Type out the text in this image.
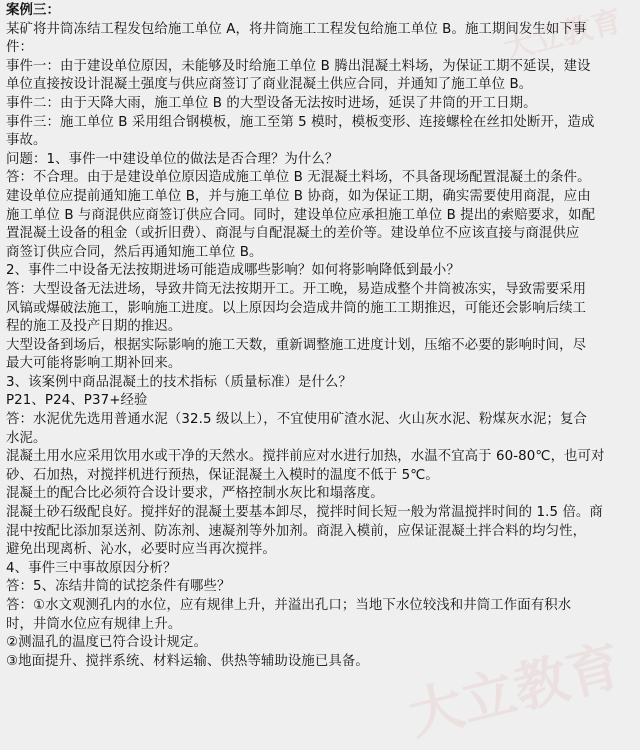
案例三：
某矿将井筒冻结工程发包给施工单位 A，将井筒施工工程发包给施工单位 B。施工期间发生如下事
件：
事件一：由于建设单位原因，未能够及时给施工单位 B 腾出混凝土料场，为保证工期不延误，建设
单位直接按设计混凝土强度与供应商签订了商业混凝土供应合同，并通知了施工单位 B。
事件二：由于天降大雨，施工单位 B 的大型设备无法按时进场，延误了井筒的开工日期。
事件三：施工单位 B 采用组合钢模板，施工至第 5 模时，模板变形、连接螺栓在丝扣处断开，造成
事故。
问题：1、事件一中建设单位的做法是否合理？为什么？
答：不合理。由于是建设单位原因造成施工单位 B 无混凝土料场，不具备现场配置混凝土的条件。
建设单位应提前通知施工单位 B，并与施工单位 B 协商，如为保证工期，确实需要使用商混，应由
施工单位 B 与商混供应商签订供应合同。同时，建设单位应承担施工单位 B 提出的索赔要求，如配
置混凝土设备的租金（或折旧费）、商混与自配混凝土的差价等。建设单位不应该直接与商混供应
商签订供应合同，然后再通知施工单位 B。
2、事件二中设备无法按期进场可能造成哪些影响？如何将影响降低到最小？
答：大型设备无法进场，导致井筒无法按期开工。开工晚，易造成整个井筒被冻实，导致需要采用
风镐或爆破法施工，影响施工进度。以上原因均会造成井筒的施工工期推迟，可能还会影响后续工
程的施工及投产日期的推迟。
大型设备到场后，根据实际影响的施工天数，重新调整施工进度计划，压缩不必要的影响时间，尽
最大可能将影响工期补回来。
3、该案例中商品混凝土的技术指标（质量标准）是什么？
P21、P24、P37+经验
答：水泥优先选用普通水泥（32.5 级以上），不宜使用矿渣水泥、火山灰水泥、粉煤灰水泥；复合
水泥。
混凝土用水应采用饮用水或干净的天然水。搅拌前应对水进行加热，水温不宜高于 60-80℃，也可对
砂、石加热，对搅拌机进行预热，保证混凝土入模时的温度不低于 5℃。
混凝土的配合比必须符合设计要求，严格控制水灰比和塌落度。
混凝土砂石级配良好。搅拌好的混凝土要基本卸尽，搅拌时间长短一般为常温搅拌时间的 1.5 倍。商
混中按配比添加泵送剂、防冻剂、速凝剂等外加剂。商混入模前，应保证混凝土拌合料的均匀性，
避免出现离析、沁水，必要时应当再次搅拌。
4、事件三中事故原因分析？
答：5、冻结井筒的试挖条件有哪些？
答：①水文观测孔内的水位，应有规律上升，并溢出孔口；当地下水位较浅和井筒工作面有积水
时，井筒水位应有规律上升。
②测温孔的温度已符合设计规定。
③地面提升、搅拌系统、材料运输、供热等辅助设施已具备。
大立教育
大立教育
